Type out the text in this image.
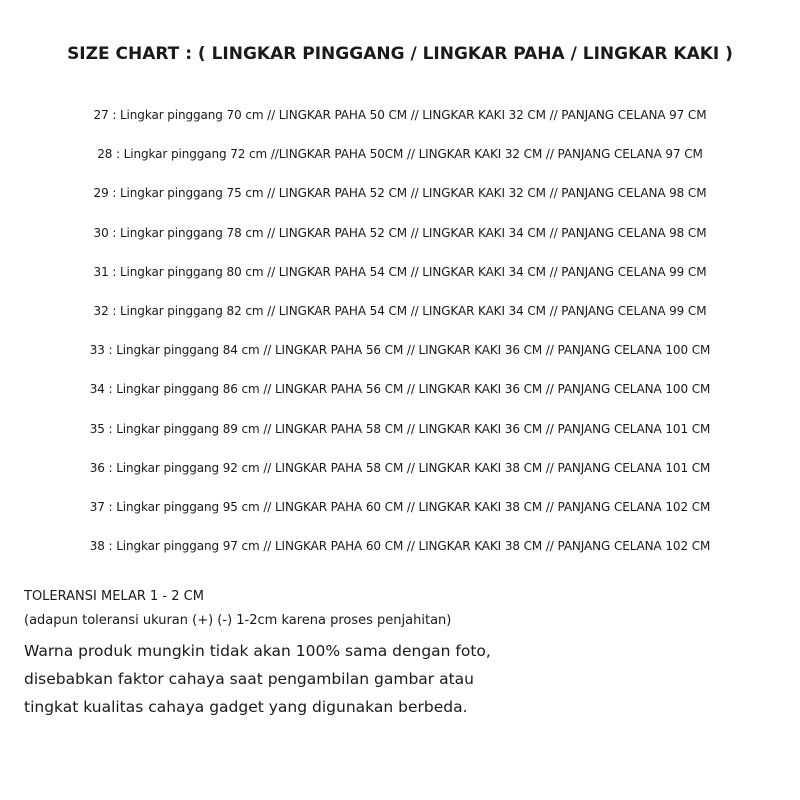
SIZE CHART : ( LINGKAR PINGGANG / LINGKAR PAHA / LINGKAR KAKI )
27 : Lingkar pinggang 70 cm // LINGKAR PAHA 50 CM // LINGKAR KAKI 32 CM // PANJANG CELANA 97 CM
28 : Lingkar pinggang 72 cm //LINGKAR PAHA 50CM // LINGKAR KAKI 32 CM // PANJANG CELANA 97 CM
29 : Lingkar pinggang 75 cm // LINGKAR PAHA 52 CM // LINGKAR KAKI 32 CM // PANJANG CELANA 98 CM
30 : Lingkar pinggang 78 cm // LINGKAR PAHA 52 CM // LINGKAR KAKI 34 CM // PANJANG CELANA 98 CM
31 : Lingkar pinggang 80 cm // LINGKAR PAHA 54 CM // LINGKAR KAKI 34 CM // PANJANG CELANA 99 CM
32 : Lingkar pinggang 82 cm // LINGKAR PAHA 54 CM // LINGKAR KAKI 34 CM // PANJANG CELANA 99 CM
33 : Lingkar pinggang 84 cm // LINGKAR PAHA 56 CM // LINGKAR KAKI 36 CM // PANJANG CELANA 100 CM
34 : Lingkar pinggang 86 cm // LINGKAR PAHA 56 CM // LINGKAR KAKI 36 CM // PANJANG CELANA 100 CM
35 : Lingkar pinggang 89 cm // LINGKAR PAHA 58 CM // LINGKAR KAKI 36 CM // PANJANG CELANA 101 CM
36 : Lingkar pinggang 92 cm // LINGKAR PAHA 58 CM // LINGKAR KAKI 38 CM // PANJANG CELANA 101 CM
37 : Lingkar pinggang 95 cm // LINGKAR PAHA 60 CM // LINGKAR KAKI 38 CM // PANJANG CELANA 102 CM
38 : Lingkar pinggang 97 cm // LINGKAR PAHA 60 CM // LINGKAR KAKI 38 CM // PANJANG CELANA 102 CM
TOLERANSI MELAR 1 - 2 CM
(adapun toleransi ukuran (+) (-) 1-2cm karena proses penjahitan)
Warna produk mungkin tidak akan 100% sama dengan foto,
disebabkan faktor cahaya saat pengambilan gambar atau
tingkat kualitas cahaya gadget yang digunakan berbeda.
